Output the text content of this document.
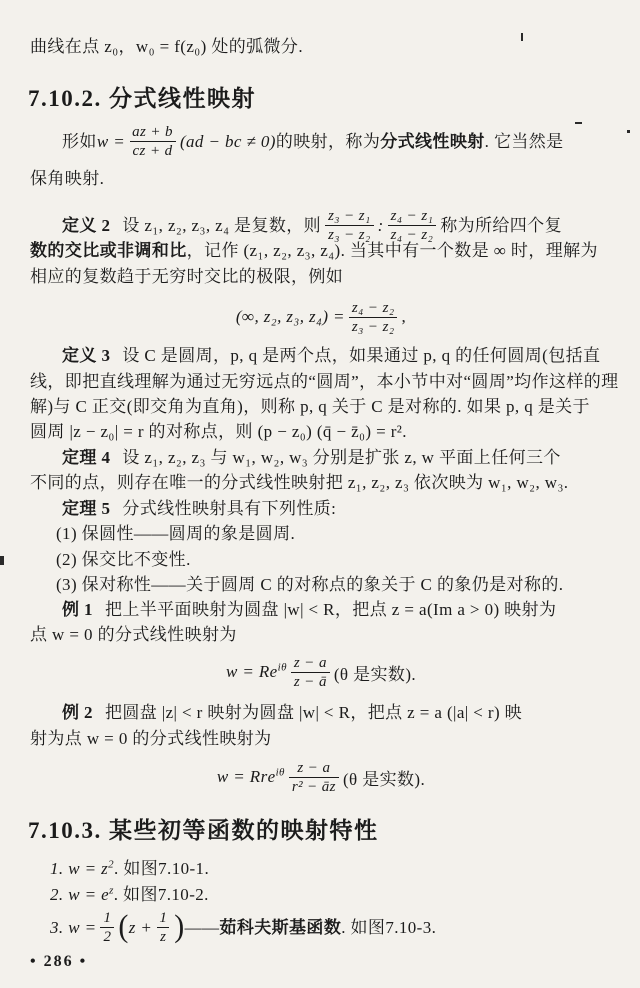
曲线在点 z₀，w₀ = f(z₀) 处的弧微分.
7.10.2. 分式线性映射
形如 $w = \frac{az + b}{cz + d} (ad$ − bc ≠ 0) 的映射，称为 分式线性映射 . 它当然是
保角映射.
定义 2 设 z₁, z₂, z₃, z₄ 是复数，则 $\frac{\text{z₃ − z₁}}{\text{z₃ − z₂}}$ : $\frac{\text{z₄ − z₁}}{\text{z₄ − z₂}}$ 称为所给四个复
数的交比或非调和比，记作 (z₁, z₂, z₃, z₄). 当其中有一个数是 ∞ 时，理解为
相应的复数趋于无穷时交比的极限，例如
(∞, z₂, z₃, $z_4) = \frac{\text{z₄ − z₂}}{\text{z₃ − z₂}}$ ,
定义 3 设 C 是圆周，p, q 是两个点，如果通过 p, q 的任何圆周(包括直
线，即把直线理解为通过无穷远点的“圆周”，本小节中对“圆周”均作这样的理
解)与 C 正交(即交角为直角)，则称 p, q 关于 C 是对称的. 如果 p, q 是关于
圆周 |z − z₀| = r 的对称点，则 (p − z₀) (q̄ − z̄₀) = r².
定理 4 设 z₁, z₂, z₃ 与 w₁, w₂, w₃ 分别是扩张 z, w 平面上任何三个
不同的点，则存在唯一的分式线性映射把 z₁, z₂, z₃ 依次映为 w₁, w₂, w₃.
定理 5 分式线性映射具有下列性质:
(1) 保圆性——圆周的象是圆周.
(2) 保交比不变性.
(3) 保对称性——关于圆周 C 的对称点的象关于 C 的象仍是对称的.
例 1 把上半平面映射为圆盘 |w| < R，把点 z = a(Im a > 0) 映射为
点 w = 0 的分式线性映射为
w = R $e^{i\theta} \frac{z - a}{z - ā} (\theta$ 是实数).
例 2 把圆盘 |z| < r 映射为圆盘 |w| < R，把点 z = a (|a| < r) 映
射为点 w = 0 的分式线性映射为
w = Rr $e^{i\theta} \frac{z - a}{\text{r² − āz}} (\theta$ 是实数).
7.10.3. 某些初等函数的映射特性
1. $w = z^2$. 如图7.10-1.
2. $w = e^z$. 如图7.10-2.
3. $w = \frac{1}{2}$ ( $z + \frac{1}{z}$ ) —— 茹科夫斯基函数 . 如图7.10-3.
• 286 •
